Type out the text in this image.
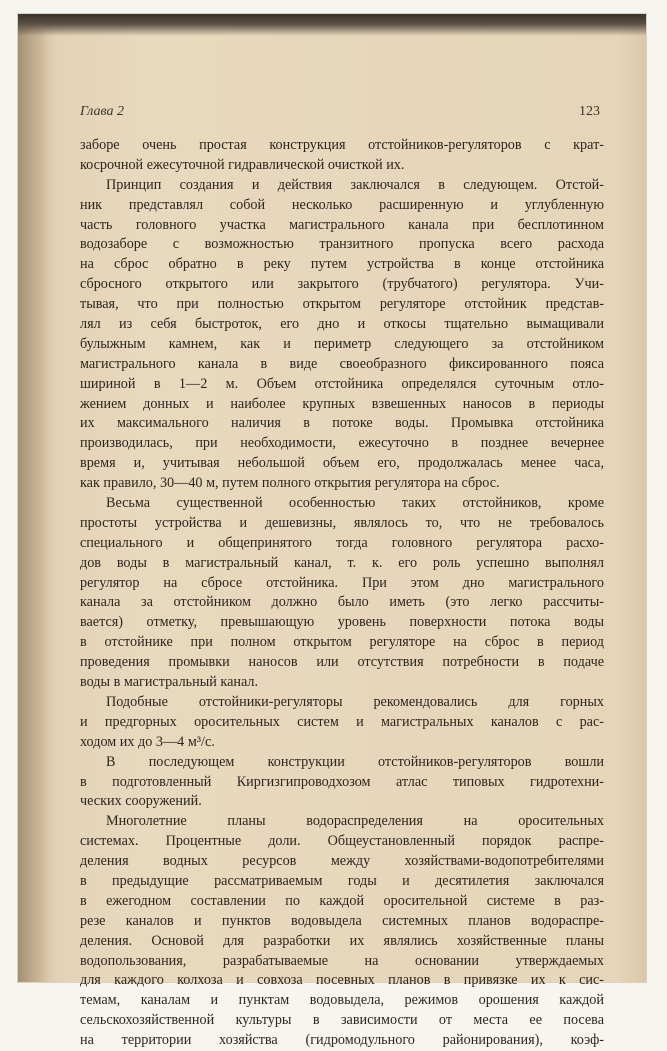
Глава 2	123
заборе очень простая конструкция отстойников-регуляторов с крат-
косрочной ежесуточной гидравлической очисткой их.
Принцип создания и действия заключался в следующем. Отстой-
ник представлял собой несколько расширенную и углубленную
часть головного участка магистрального канала при бесплотинном
водозаборе с возможностью транзитного пропуска всего расхода
на сброс обратно в реку путем устройства в конце отстойника
сбросного открытого или закрытого (трубчатого) регулятора. Учи-
тывая, что при полностью открытом регуляторе отстойник представ-
лял из себя быстроток, его дно и откосы тщательно вымащивали
булыжным камнем, как и периметр следующего за отстойником
магистрального канала в виде своеобразного фиксированного пояса
шириной в 1—2 м. Объем отстойника определялся суточным отло-
жением донных и наиболее крупных взвешенных наносов в периоды
их максимального наличия в потоке воды. Промывка отстойника
производилась, при необходимости, ежесуточно в позднее вечернее
время и, учитывая небольшой объем его, продолжалась менее часа,
как правило, 30—40 м, путем полного открытия регулятора на сброс.
Весьма существенной особенностью таких отстойников, кроме
простоты устройства и дешевизны, являлось то, что не требовалось
специального и общепринятого тогда головного регулятора расхо-
дов воды в магистральный канал, т. к. его роль успешно выполнял
регулятор на сбросе отстойника. При этом дно магистрального
канала за отстойником должно было иметь (это легко рассчиты-
вается) отметку, превышающую уровень поверхности потока воды
в отстойнике при полном открытом регуляторе на сброс в период
проведения промывки наносов или отсутствия потребности в подаче
воды в магистральный канал.
Подобные отстойники-регуляторы рекомендовались для горных
и предгорных оросительных систем и магистральных каналов с рас-
ходом их до 3—4 м³/с.
В последующем конструкции отстойников-регуляторов вошли
в подготовленный Киргизгипроводхозом атлас типовых гидротехни-
ческих сооружений.
Многолетние планы водораспределения на оросительных
системах. Процентные доли. Общеустановленный порядок распре-
деления водных ресурсов между хозяйствами-водопотребителями
в предыдущие рассматриваемым годы и десятилетия заключался
в ежегодном составлении по каждой оросительной системе в раз-
резе каналов и пунктов водовыдела системных планов водораспре-
деления. Основой для разработки их являлись хозяйственные планы
водопользования, разрабатываемые на основании утверждаемых
для каждого колхоза и совхоза посевных планов в привязке их к сис-
темам, каналам и пунктам водовыдела, режимов орошения каждой
сельскохозяйственной культуры в зависимости от места ее посева
на территории хозяйства (гидромодульного районирования), коэф-
